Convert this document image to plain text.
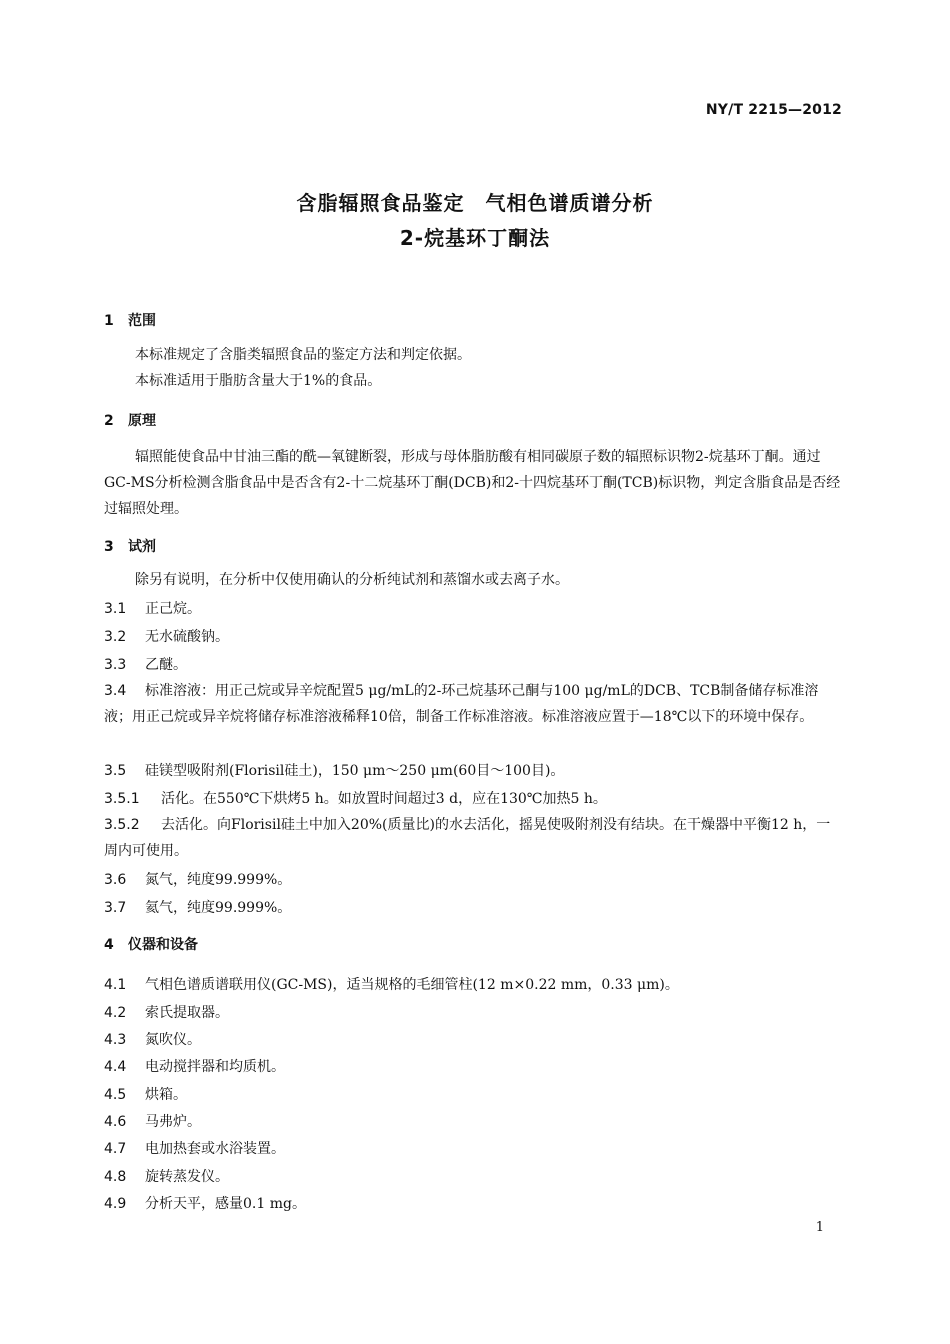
NY/T 2215—2012
含脂辐照食品鉴定　气相色谱质谱分析
2-烷基环丁酮法
1 范围
本标准规定了含脂类辐照食品的鉴定方法和判定依据。
本标准适用于脂肪含量大于1%的食品。
2 原理
辐照能使食品中甘油三酯的酰—氧键断裂，形成与母体脂肪酸有相同碳原子数的辐照标识物2-烷基环丁酮。通过GC-MS分析检测含脂食品中是否含有2-十二烷基环丁酮(DCB)和2-十四烷基环丁酮(TCB)标识物，判定含脂食品是否经过辐照处理。
3 试剂
除另有说明，在分析中仅使用确认的分析纯试剂和蒸馏水或去离子水。
3.1 正己烷。
3.2 无水硫酸钠。
3.3 乙醚。
3.4 标准溶液：用正己烷或异辛烷配置5 μg/mL的2-环己烷基环己酮与100 μg/mL的DCB、TCB制备储存标准溶液；用正己烷或异辛烷将储存标准溶液稀释10倍，制备工作标准溶液。标准溶液应置于—18℃以下的环境中保存。
3.5 硅镁型吸附剂(Florisil硅土)，150 μm～250 μm(60目～100目)。
3.5.1 活化。在550℃下烘烤5 h。如放置时间超过3 d，应在130℃加热5 h。
3.5.2 去活化。向Florisil硅土中加入20%(质量比)的水去活化，摇晃使吸附剂没有结块。在干燥器中平衡12 h，一周内可使用。
3.6 氮气，纯度99.999%。
3.7 氦气，纯度99.999%。
4 仪器和设备
4.1 气相色谱质谱联用仪(GC-MS)，适当规格的毛细管柱(12 m×0.22 mm，0.33 μm)。
4.2 索氏提取器。
4.3 氮吹仪。
4.4 电动搅拌器和均质机。
4.5 烘箱。
4.6 马弗炉。
4.7 电加热套或水浴装置。
4.8 旋转蒸发仪。
4.9 分析天平，感量0.1 mg。
1
